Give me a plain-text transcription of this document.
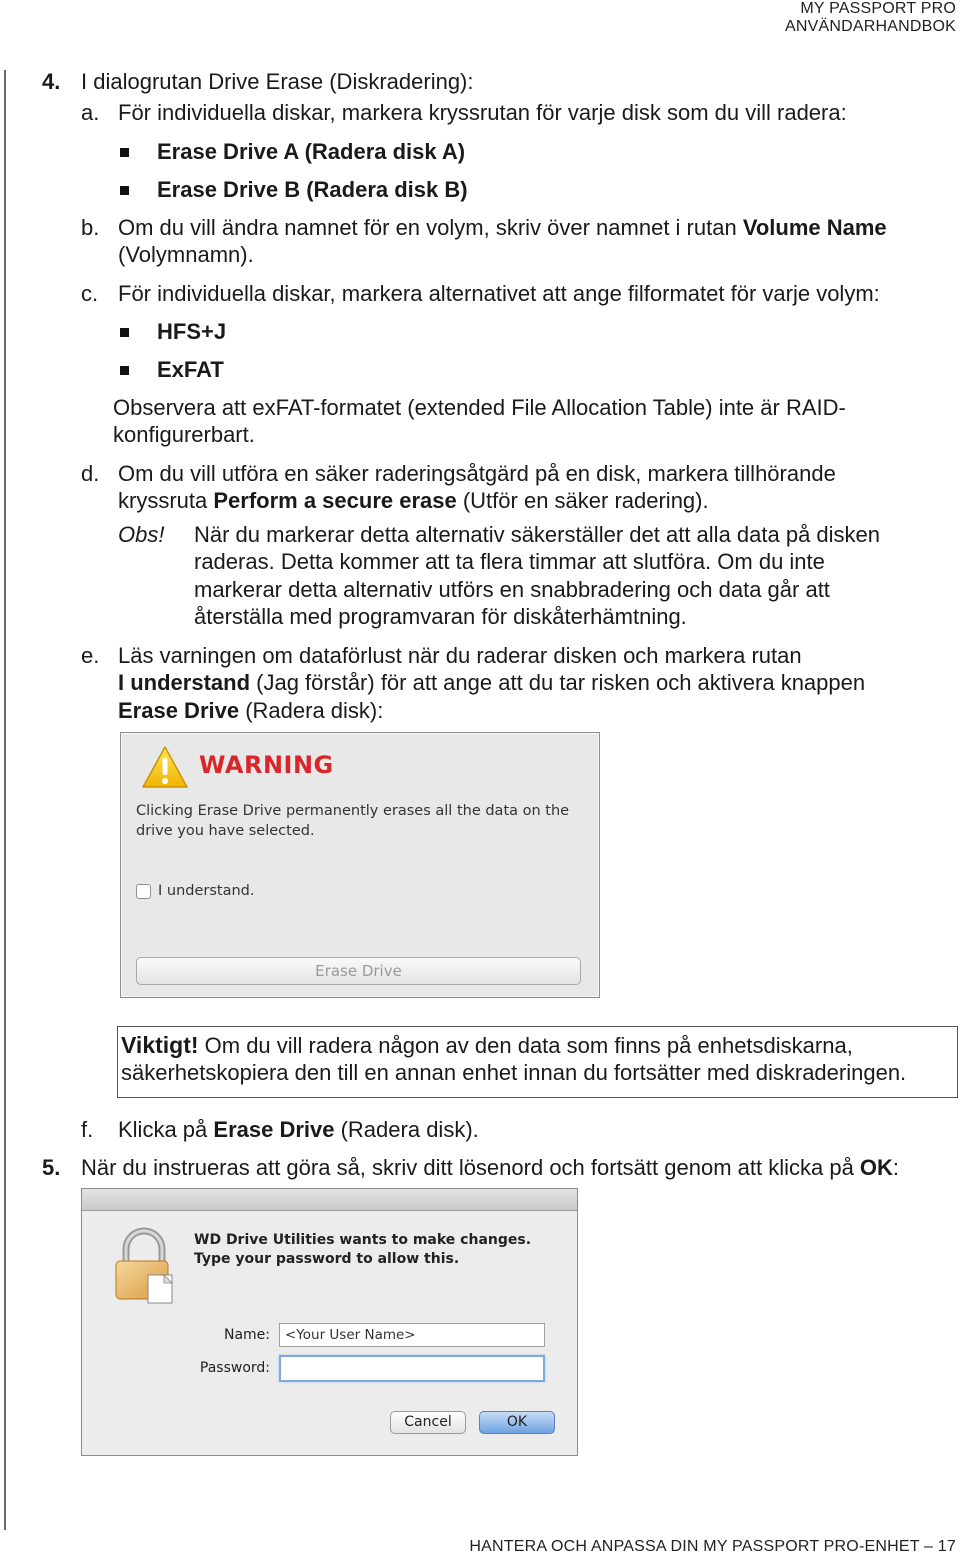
MY PASSPORT PRO
ANVÄNDARHANDBOK
4. I dialogrutan Drive Erase (Diskradering):
a. För individuella diskar, markera kryssrutan för varje disk som du vill radera:
Erase Drive A (Radera disk A)
Erase Drive B (Radera disk B)
b. Om du vill ändra namnet för en volym, skriv över namnet i rutan Volume Name
(Volymnamn).
c. För individuella diskar, markera alternativet att ange filformatet för varje volym:
HFS+J
ExFAT
Observera att exFAT-formatet (extended File Allocation Table) inte är RAID-
konfigurerbart.
d. Om du vill utföra en säker raderingsåtgärd på en disk, markera tillhörande
kryssruta Perform a secure erase (Utför en säker radering).
Obs! När du markerar detta alternativ säkerställer det att alla data på disken
raderas. Detta kommer att ta flera timmar att slutföra. Om du inte
markerar detta alternativ utförs en snabbradering och data går att
återställa med programvaran för diskåterhämtning.
e. Läs varningen om dataförlust när du raderar disken och markera rutan
I understand (Jag förstår) för att ange att du tar risken och aktivera knappen
Erase Drive (Radera disk):
WARNING
Clicking Erase Drive permanently erases all the data on the drive you have selected.
I understand.
Erase Drive
Viktigt! Om du vill radera någon av den data som finns på enhetsdiskarna,
säkerhetskopiera den till en annan enhet innan du fortsätter med diskraderingen.
f. Klicka på Erase Drive (Radera disk).
5. När du instrueras att göra så, skriv ditt lösenord och fortsätt genom att klicka på OK:
WD Drive Utilities wants to make changes.
Type your password to allow this.
Name:	<Your User Name>
Password:
Cancel	OK
HANTERA OCH ANPASSA DIN MY PASSPORT PRO-ENHET – 17
